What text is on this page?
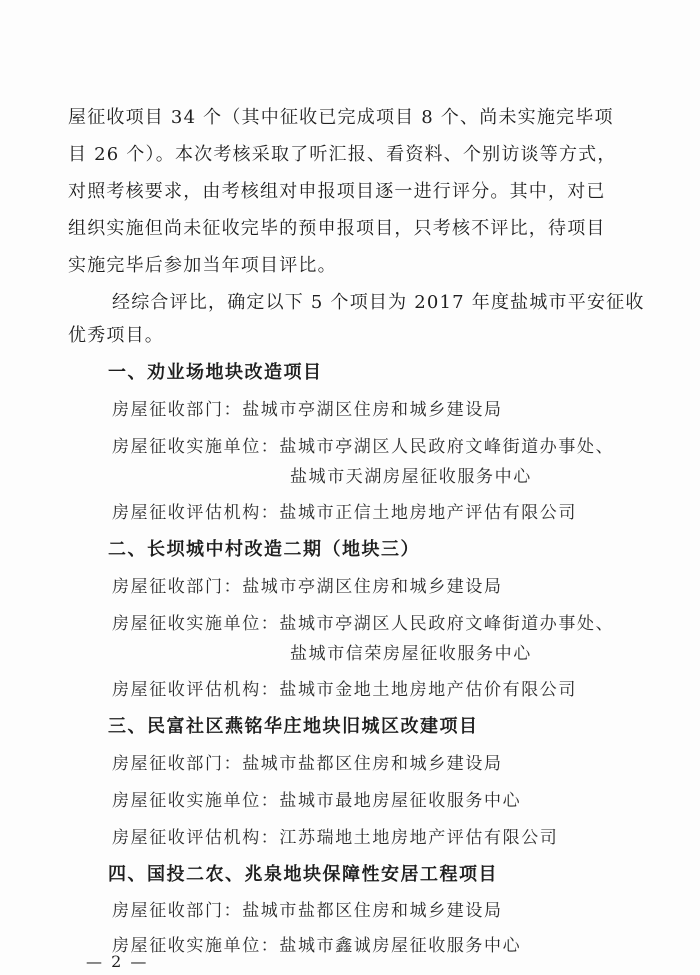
屋征收项目 34 个（其中征收已完成项目 8 个、尚未实施完毕项
目 26 个）。本次考核采取了听汇报、看资料、个别访谈等方式，
对照考核要求，由考核组对申报项目逐一进行评分。其中，对已
组织实施但尚未征收完毕的预申报项目，只考核不评比，待项目
实施完毕后参加当年项目评比。
经综合评比，确定以下 5 个项目为 2017 年度盐城市平安征收
优秀项目。
一、劝业场地块改造项目
房屋征收部门：盐城市亭湖区住房和城乡建设局
房屋征收实施单位：盐城市亭湖区人民政府文峰街道办事处、
盐城市天湖房屋征收服务中心
房屋征收评估机构：盐城市正信土地房地产评估有限公司
二、长坝城中村改造二期（地块三）
房屋征收部门：盐城市亭湖区住房和城乡建设局
房屋征收实施单位：盐城市亭湖区人民政府文峰街道办事处、
盐城市信荣房屋征收服务中心
房屋征收评估机构：盐城市金地土地房地产估价有限公司
三、民富社区燕铭华庄地块旧城区改建项目
房屋征收部门：盐城市盐都区住房和城乡建设局
房屋征收实施单位：盐城市最地房屋征收服务中心
房屋征收评估机构：江苏瑞地土地房地产评估有限公司
四、国投二农、兆泉地块保障性安居工程项目
房屋征收部门：盐城市盐都区住房和城乡建设局
房屋征收实施单位：盐城市鑫诚房屋征收服务中心
— 2 —
